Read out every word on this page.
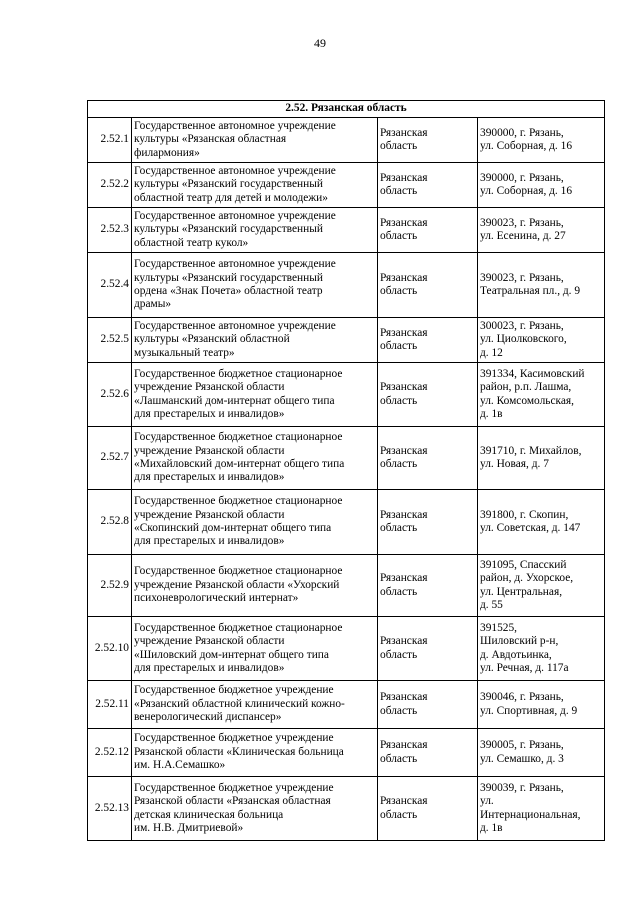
49
2.52. Рязанская область			
2.52.1	Государственное автономное учреждение
культуры «Рязанская областная
филармония»	Рязанская
область	390000, г. Рязань,
ул. Соборная, д. 16

2.52.2	Государственное автономное учреждение
культуры «Рязанский государственный
областной театр для детей и молодежи»	Рязанская
область	390000, г. Рязань,
ул. Соборная, д. 16

2.52.3	Государственное автономное учреждение
культуры «Рязанский государственный
областной театр кукол»	Рязанская
область	390023, г. Рязань,
ул. Есенина, д. 27

2.52.4	Государственное автономное учреждение
культуры «Рязанский государственный
ордена «Знак Почета» областной театр
драмы»	Рязанская
область	390023, г. Рязань,
Театральная пл., д. 9

2.52.5	Государственное автономное учреждение
культуры «Рязанский областной
музыкальный театр»	Рязанская
область	300023, г. Рязань,
ул. Циолковского,
д. 12

2.52.6	Государственное бюджетное стационарное
учреждение Рязанской области
«Лашманский дом-интернат общего типа
для престарелых и инвалидов»	Рязанская
область	391334, Касимовский
район, р.п. Лашма,
ул. Комсомольская,
д. 1в

2.52.7	Государственное бюджетное стационарное
учреждение Рязанской области
«Михайловский дом-интернат общего типа
для престарелых и инвалидов»	Рязанская
область	391710, г. Михайлов,
ул. Новая, д. 7

2.52.8	Государственное бюджетное стационарное
учреждение Рязанской области
«Скопинский дом-интернат общего типа
для престарелых и инвалидов»	Рязанская
область	391800, г. Скопин,
ул. Советская, д. 147

2.52.9	Государственное бюджетное стационарное
учреждение Рязанской области «Ухорский
психоневрологический интернат»	Рязанская
область	391095, Спасский
район, д. Ухорское,
ул. Центральная,
д. 55

2.52.10	Государственное бюджетное стационарное
учреждение Рязанской области
«Шиловский дом-интернат общего типа
для престарелых и инвалидов»	Рязанская
область	391525,
Шиловский р-н,
д. Авдотьинка,
ул. Речная, д. 117а

2.52.11	Государственное бюджетное учреждение
«Рязанский областной клинический кожно-
венерологический диспансер»	Рязанская
область	390046, г. Рязань,
ул. Спортивная, д. 9

2.52.12	Государственное бюджетное учреждение
Рязанской области «Клиническая больница
им. Н.А.Семашко»	Рязанская
область	390005, г. Рязань,
ул. Семашко, д. 3

2.52.13	Государственное бюджетное учреждение
Рязанской области «Рязанская областная
детская клиническая больница
им. Н.В. Дмитриевой»	Рязанская
область	390039, г. Рязань,
ул.
Интернациональная,
д. 1в
